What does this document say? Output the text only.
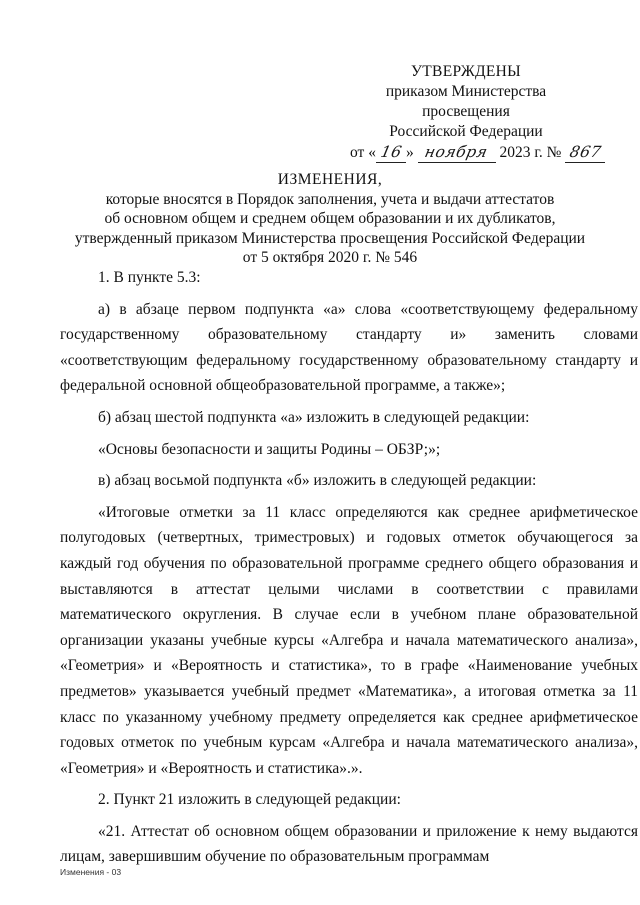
УТВЕРЖДЕНЫ
приказом Министерства просвещения
Российской Федерации
от « 16 » ноября 2023 г. № 867
ИЗМЕНЕНИЯ,
которые вносятся в Порядок заполнения, учета и выдачи аттестатов
об основном общем и среднем общем образовании и их дубликатов,
утвержденный приказом Министерства просвещения Российской Федерации
от 5 октября 2020 г. № 546

1. В пункте 5.3:

а) в абзаце первом подпункта «а» слова «соответствующему федеральному государственному образовательному стандарту и» заменить словами «соответствующим федеральному государственному образовательному стандарту и федеральной основной общеобразовательной программе, а также»;

б) абзац шестой подпункта «а» изложить в следующей редакции:

«Основы безопасности и защиты Родины – ОБЗР;»;

в) абзац восьмой подпункта «б» изложить в следующей редакции:

«Итоговые отметки за 11 класс определяются как среднее арифметическое полугодовых (четвертных, триместровых) и годовых отметок обучающегося за каждый год обучения по образовательной программе среднего общего образования и выставляются в аттестат целыми числами в соответствии с правилами математического округления. В случае если в учебном плане образовательной организации указаны учебные курсы «Алгебра и начала математического анализа», «Геометрия» и «Вероятность и статистика», то в графе «Наименование учебных предметов» указывается учебный предмет «Математика», а итоговая отметка за 11 класс по указанному учебному предмету определяется как среднее арифметическое годовых отметок по учебным курсам «Алгебра и начала математического анализа», «Геометрия» и «Вероятность и статистика».».

2. Пункт 21 изложить в следующей редакции:

«21. Аттестат об основном общем образовании и приложение к нему выдаются лицам, завершившим обучение по образовательным программам

Изменения - 03
